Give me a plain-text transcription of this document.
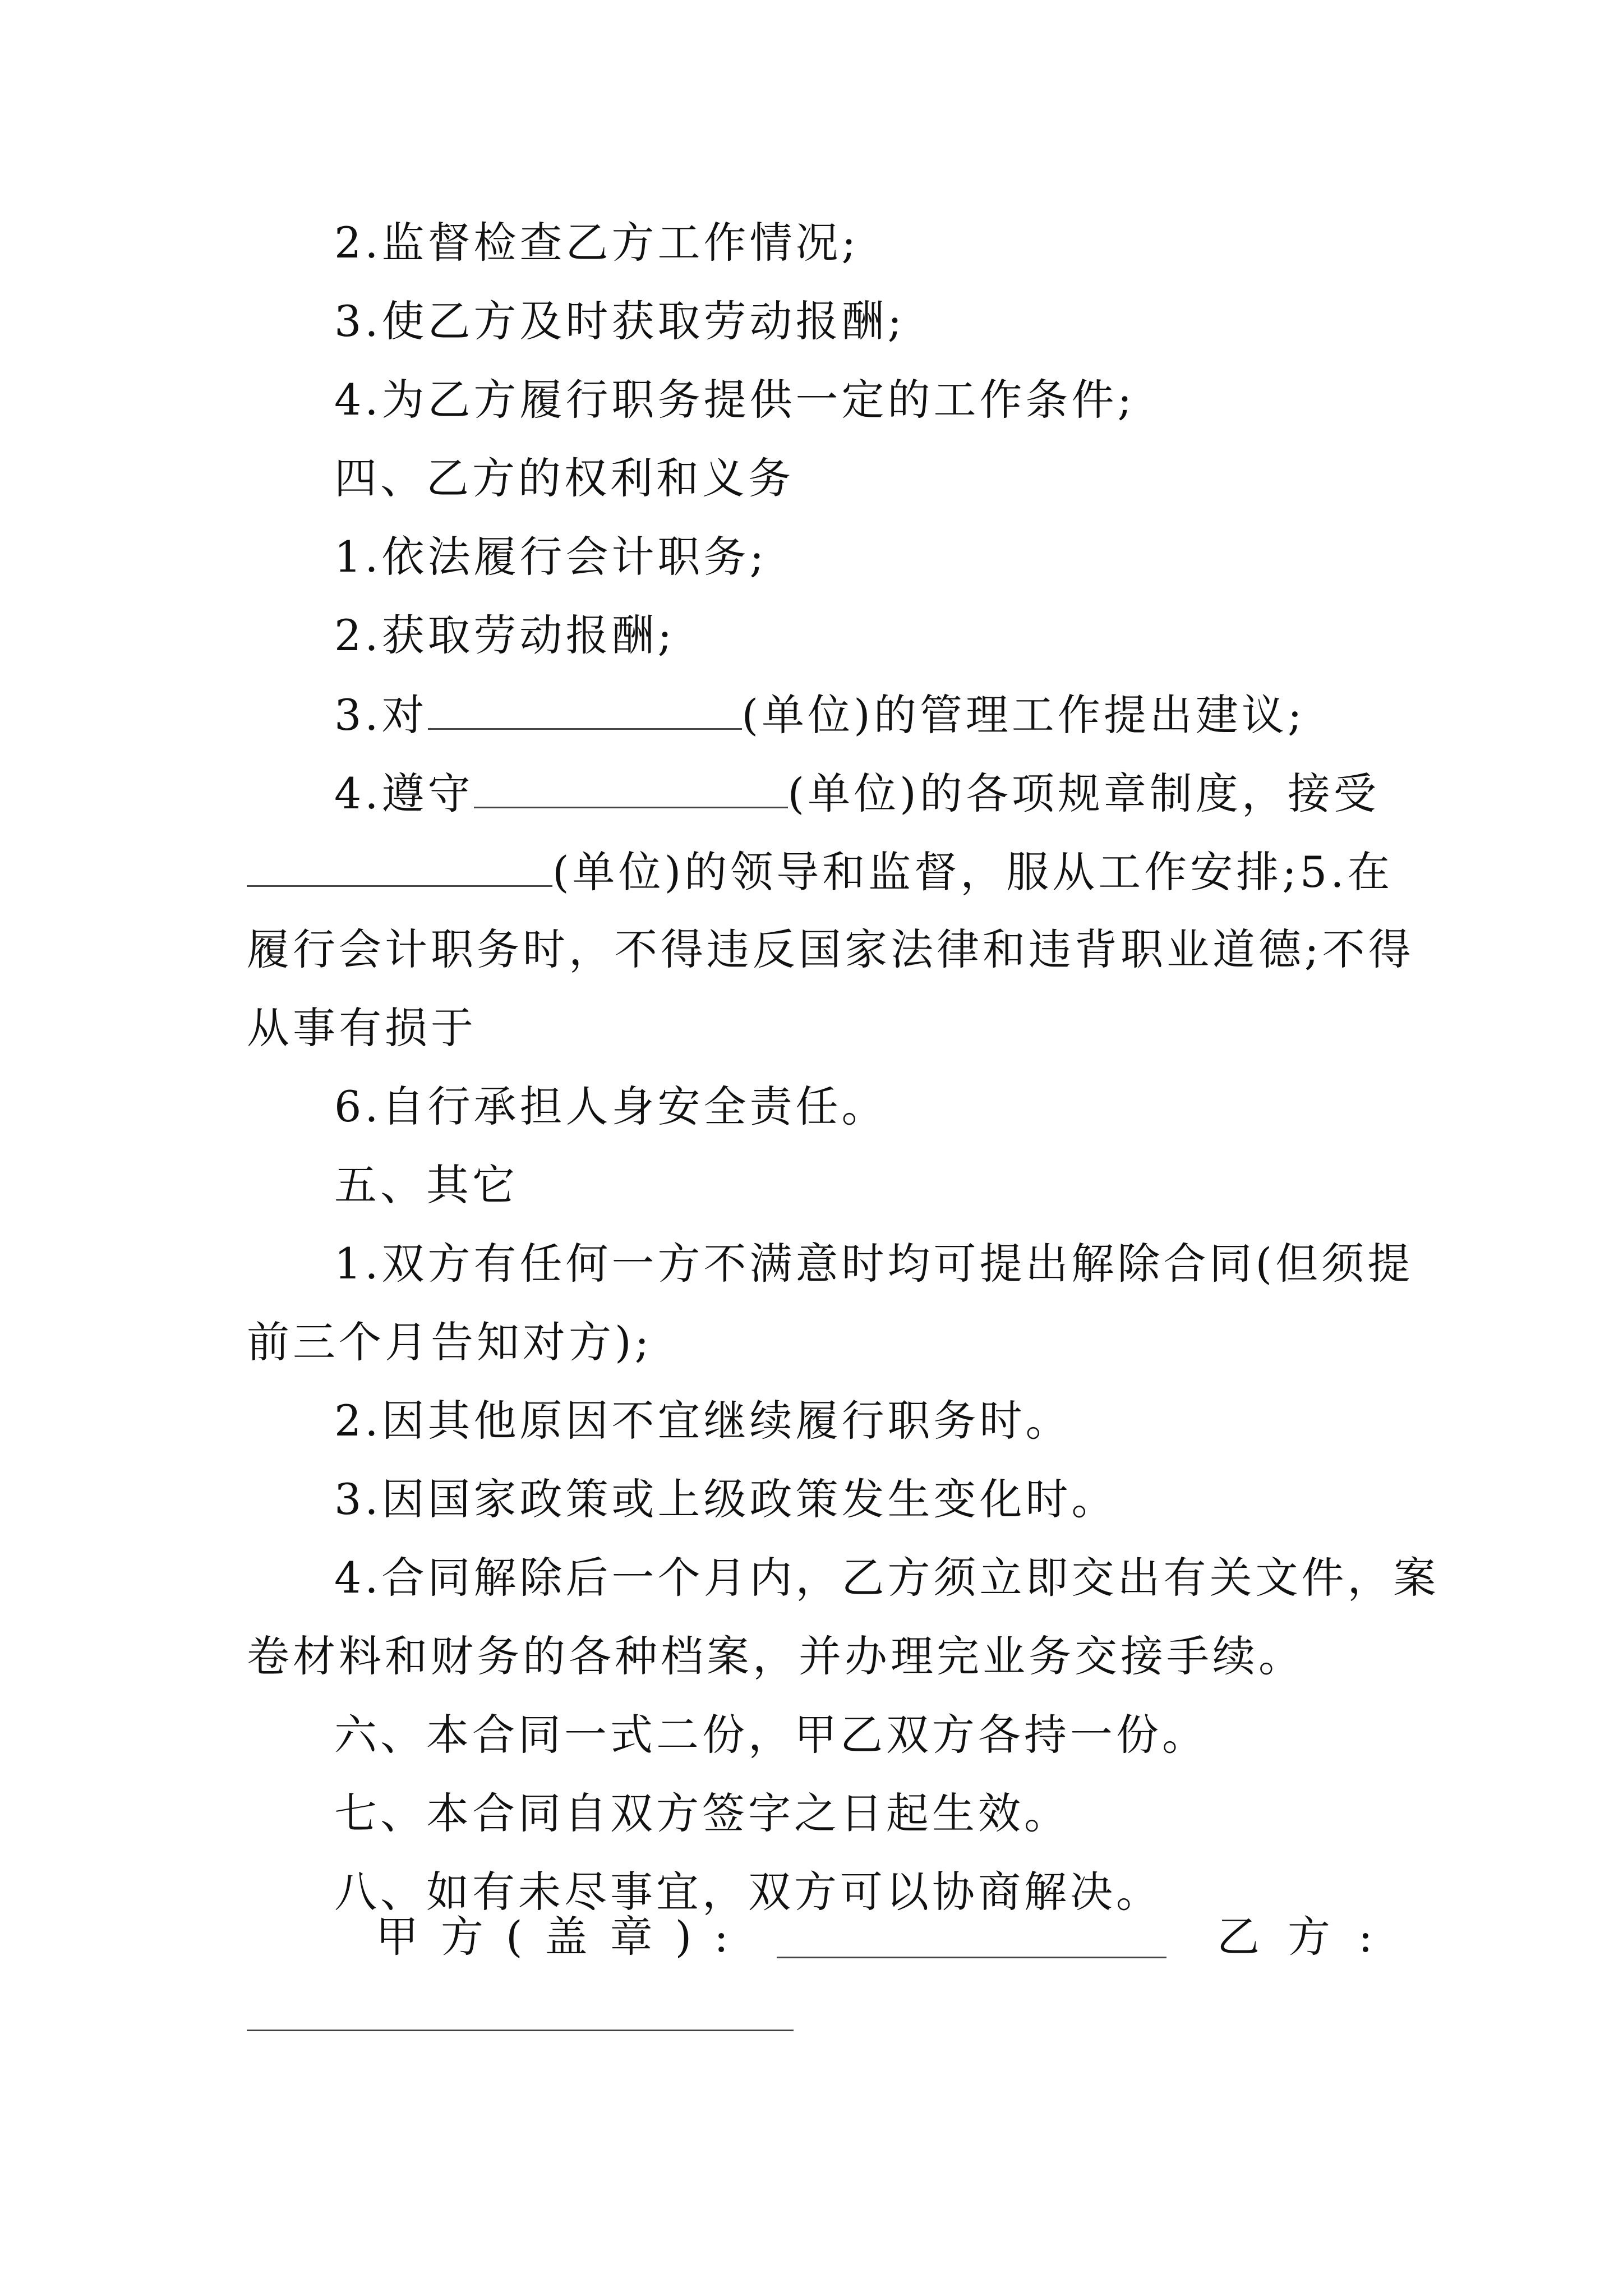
2.监督检查乙方工作情况;
3.使乙方及时获取劳动报酬;
4.为乙方履行职务提供一定的工作条件;
四、乙方的权利和义务
1.依法履行会计职务;
2.获取劳动报酬;
3.对	(单位)的管理工作提出建议;
4.遵守	(单位)的各项规章制度，接受
(单位)的领导和监督，服从工作安排;5.在
履行会计职务时，不得违反国家法律和违背职业道德;不得
从事有损于
6.自行承担人身安全责任。
五、其它
1.双方有任何一方不满意时均可提出解除合同(但须提
前三个月告知对方);
2.因其他原因不宜继续履行职务时。
3.因国家政策或上级政策发生变化时。
4.合同解除后一个月内，乙方须立即交出有关文件，案
卷材料和财务的各种档案，并办理完业务交接手续。
六、本合同一式二份，甲乙双方各持一份。
七、本合同自双方签字之日起生效。
八、如有未尽事宜，双方可以协商解决。
甲方(盖章):	乙方:
